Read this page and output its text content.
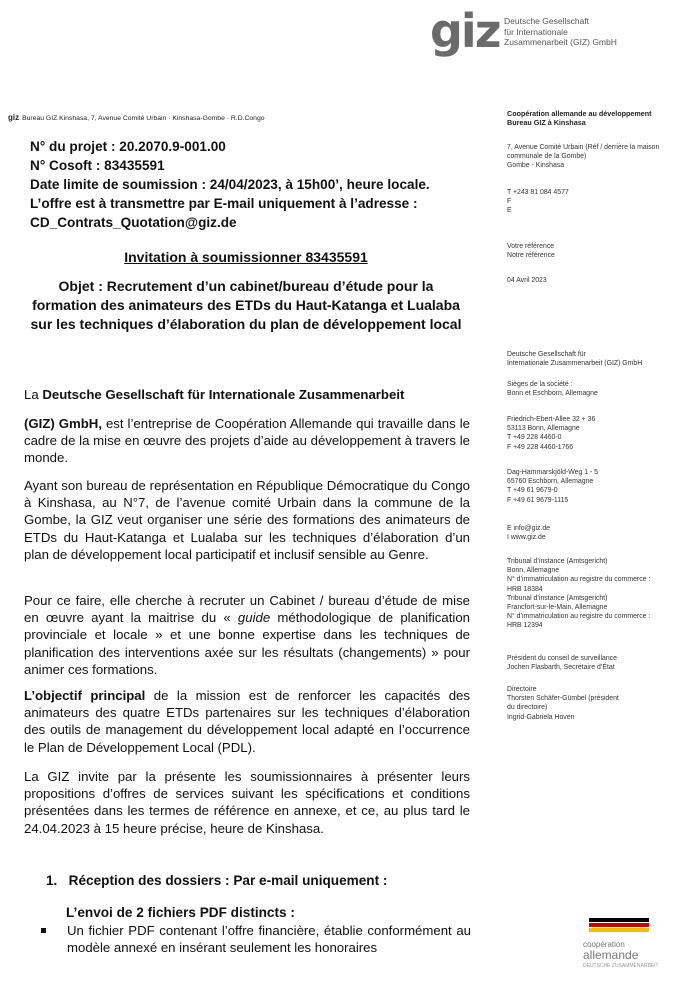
giz Deutsche Gesellschaft
für Internationale
Zusammenarbeit (GIZ) GmbH
giz Bureau GIZ Kinshasa, 7, Avenue Comité Urbain · Kinshasa-Gombe · R.D.Congo
N° du projet : 20.2070.9-001.00
N° Cosoft : 83435591
Date limite de soumission : 24/04/2023, à 15h00’, heure locale.
L’offre est à transmettre par E-mail uniquement à l’adresse :
CD_Contrats_Quotation@giz.de
Invitation à soumissionner 83435591
Objet : Recrutement d’un cabinet/bureau d’étude pour la formation des animateurs des ETDs du Haut-Katanga et Lualaba sur les techniques d’élaboration du plan de développement local
La Deutsche Gesellschaft für Internationale Zusammenarbeit
(GIZ) GmbH, est l’entreprise de Coopération Allemande qui travaille dans le cadre de la mise en œuvre des projets d’aide au développement à travers le monde.
Ayant son bureau de représentation en République Démocratique du Congo à Kinshasa, au N°7, de l’avenue comité Urbain dans la commune de la Gombe, la GIZ veut organiser une série des formations des animateurs de ETDs du Haut-Katanga et Lualaba sur les techniques d’élaboration d’un plan de développement local participatif et inclusif sensible au Genre.
Pour ce faire, elle cherche à recruter un Cabinet / bureau d’étude de mise en œuvre ayant la maitrise du « guide méthodologique de planification provinciale et locale » et une bonne expertise dans les techniques de planification des interventions axée sur les résultats (changements) » pour animer ces formations.
L’objectif principal de la mission est de renforcer les capacités des animateurs des quatre ETDs partenaires sur les techniques d’élaboration des outils de management du développement local adapté en l’occurrence le Plan de Développement Local (PDL).
La GIZ invite par la présente les soumissionnaires à présenter leurs propositions d’offres de services suivant les spécifications et conditions présentées dans les termes de référence en annexe, et ce, au plus tard le 24.04.2023 à 15 heure précise, heure de Kinshasa.
1.   Réception des dossiers : Par e-mail uniquement :
L’envoi de 2 fichiers PDF distincts :
Un fichier PDF contenant l’offre financière, établie conformément au modèle annexé en insérant seulement les honoraires
Coopération allemande au développement
Bureau GIZ à Kinshasa
7, Avenue Comité Urbain (Réf / derrière la maison
communale de la Gombe)
Gombe - Kinshasa
T +243 81 084 4577
F
E
Votre référence
Notre référence
04 Avril 2023
Deutsche Gesellschaft für
Internationale Zusammenarbeit (GIZ) GmbH
Sièges de la société :
Bonn et Eschborn, Allemagne
Friedrich-Ebert-Allee 32 + 36
53113 Bonn, Allemagne
T +49 228 4460-0
F +49 228 4460-1766
Dag-Hammarskjöld-Weg 1 - 5
65760 Eschborn, Allemagne
T +49 61 9679-0
F +49 61 9679-1115
E info@giz.de
I www.giz.de
Tribunal d’instance (Amtsgericht)
Bonn, Allemagne
N° d’immatriculation au registre du commerce :
HRB 18384
Tribunal d’instance (Amtsgericht)
Francfort-sur-le-Main, Allemagne
N° d’immatriculation au registre du commerce :
HRB 12394
Président du conseil de surveillance
Jochen Flasbarth, Secrétaire d’État
Directoire
Thorsten Schäfer-Gümbel (président
du directoire)
Ingrid-Gabriela Hoven
coopération
allemande
DEUTSCHE ZUSAMMENARBEIT
